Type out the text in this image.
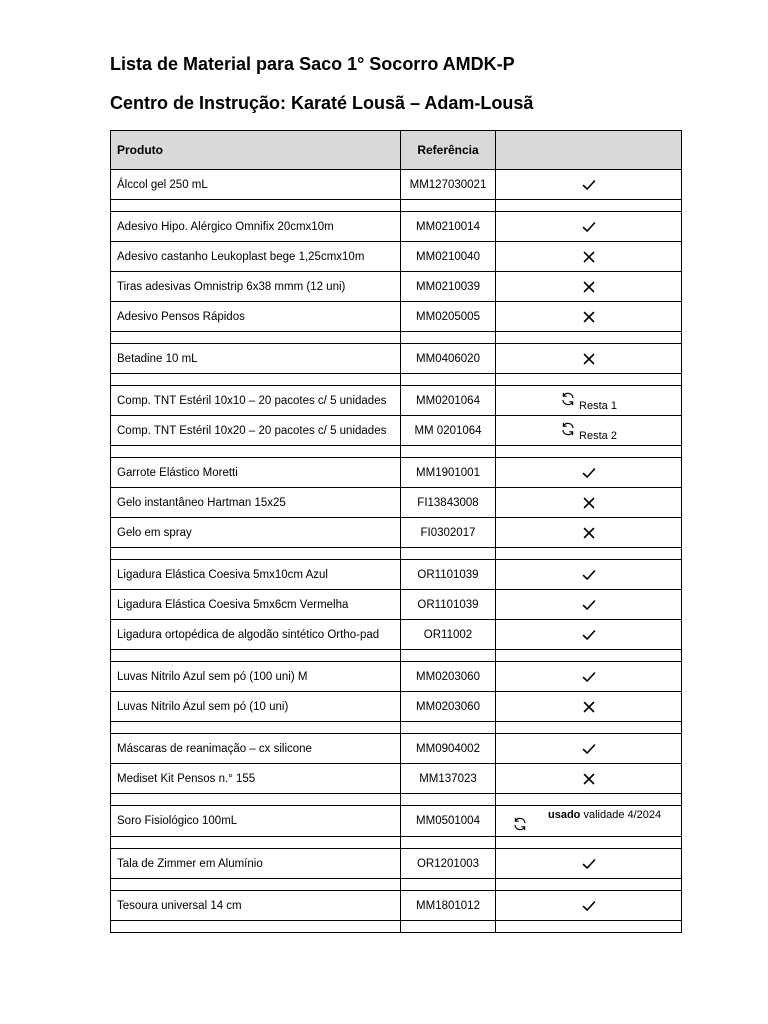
Lista de Material para Saco 1° Socorro AMDK-P
Centro de Instrução: Karaté Lousã – Adam-Lousã
Produto	Referência	
Álccol gel 250 mL	MM127030021	

Adesivo Hipo. Alérgico Omnifix 20cmx10m	MM0210014	
Adesivo castanho Leukoplast bege 1,25cmx10m	MM0210040	
Tiras adesivas Omnistrip 6x38 mmm (12 uni)	MM0210039	
Adesivo Pensos Rápidos	MM0205005	

Betadine 10 mL	MM0406020	

Comp. TNT Estéril 10x10 – 20 pacotes c/ 5 unidades	MM0201064	Resta 1

Comp. TNT Estéril 10x20 – 20 pacotes c/ 5 unidades	MM 0201064	Resta 2

Garrote Elástico Moretti	MM1901001	
Gelo instantâneo Hartman 15x25	FI13843008	
Gelo em spray	FI0302017	

Ligadura Elástica Coesiva 5mx10cm Azul	OR1101039	
Ligadura Elástica Coesiva 5mx6cm Vermelha	OR1101039	
Ligadura ortopédica de algodão sintético Ortho-pad	OR11002	

Luvas Nitrilo Azul sem pó (100 uni) M	MM0203060	
Luvas Nitrilo Azul sem pó (10 uni)	MM0203060	

Máscaras de reanimação – cx silicone	MM0904002	
Mediset Kit Pensos n.° 155	MM137023	

Soro Fisiológico 100mL	MM0501004	usado validade 4/2024

Tala de Zimmer em Alumínio	OR1201003	

Tesoura universal 14 cm	MM1801012	
